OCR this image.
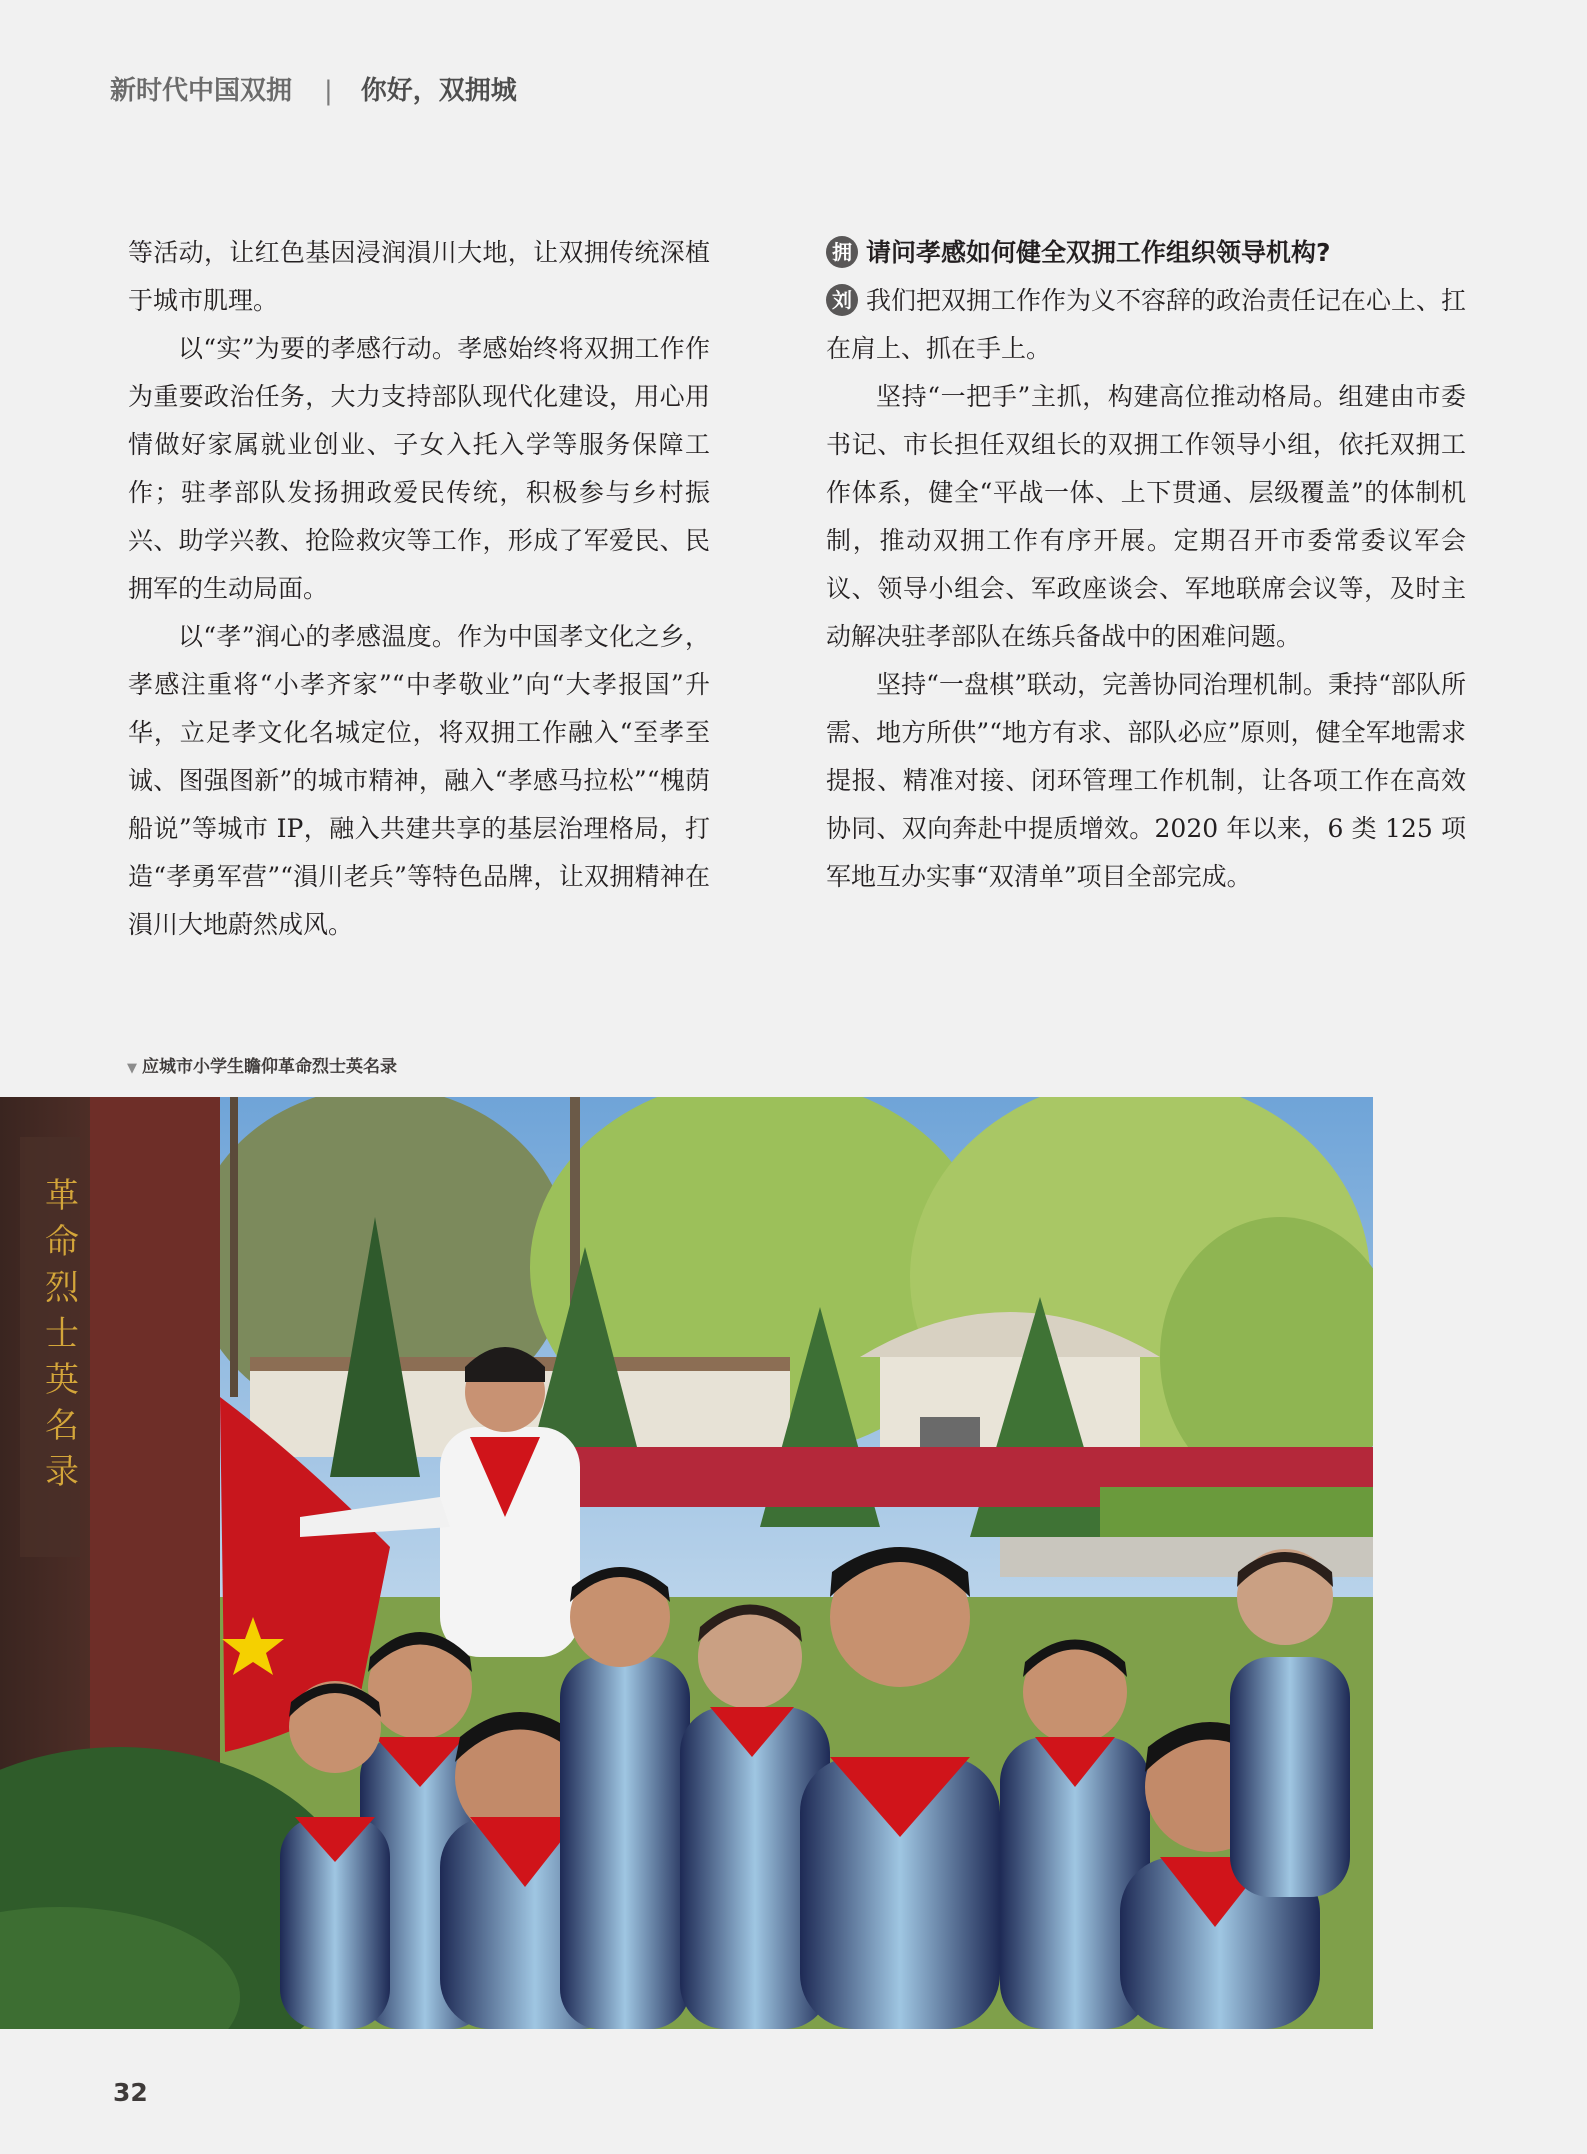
新时代中国双拥 | 你好，双拥城

等活动，让红色基因浸润溳川大地，让双拥传统深植于城市肌理。

以“实”为要的孝感行动。孝感始终将双拥工作作为重要政治任务，大力支持部队现代化建设，用心用情做好家属就业创业、子女入托入学等服务保障工作；驻孝部队发扬拥政爱民传统，积极参与乡村振兴、助学兴教、抢险救灾等工作，形成了军爱民、民拥军的生动局面。

以“孝”润心的孝感温度。作为中国孝文化之乡，孝感注重将“小孝齐家”“中孝敬业”向“大孝报国”升华，立足孝文化名城定位，将双拥工作融入“至孝至诚、图强图新”的城市精神，融入“孝感马拉松”“槐荫船说”等城市 IP，融入共建共享的基层治理格局，打造“孝勇军营”“溳川老兵”等特色品牌，让双拥精神在溳川大地蔚然成风。

拥 请问孝感如何健全双拥工作组织领导机构?

刘 我们把双拥工作作为义不容辞的政治责任记在心上、扛在肩上、抓在手上。

坚持“一把手”主抓，构建高位推动格局。组建由市委书记、市长担任双组长的双拥工作领导小组，依托双拥工作体系，健全“平战一体、上下贯通、层级覆盖”的体制机制，推动双拥工作有序开展。定期召开市委常委议军会议、领导小组会、军政座谈会、军地联席会议等，及时主动解决驻孝部队在练兵备战中的困难问题。

坚持“一盘棋”联动，完善协同治理机制。秉持“部队所需、地方所供”“地方有求、部队必应”原则，健全军地需求提报、精准对接、闭环管理工作机制，让各项工作在高效协同、双向奔赴中提质增效。2020 年以来，6 类 125 项军地互办实事“双清单”项目全部完成。

▼ 应城市小学生瞻仰革命烈士英名录
革命烈士英名录
32
